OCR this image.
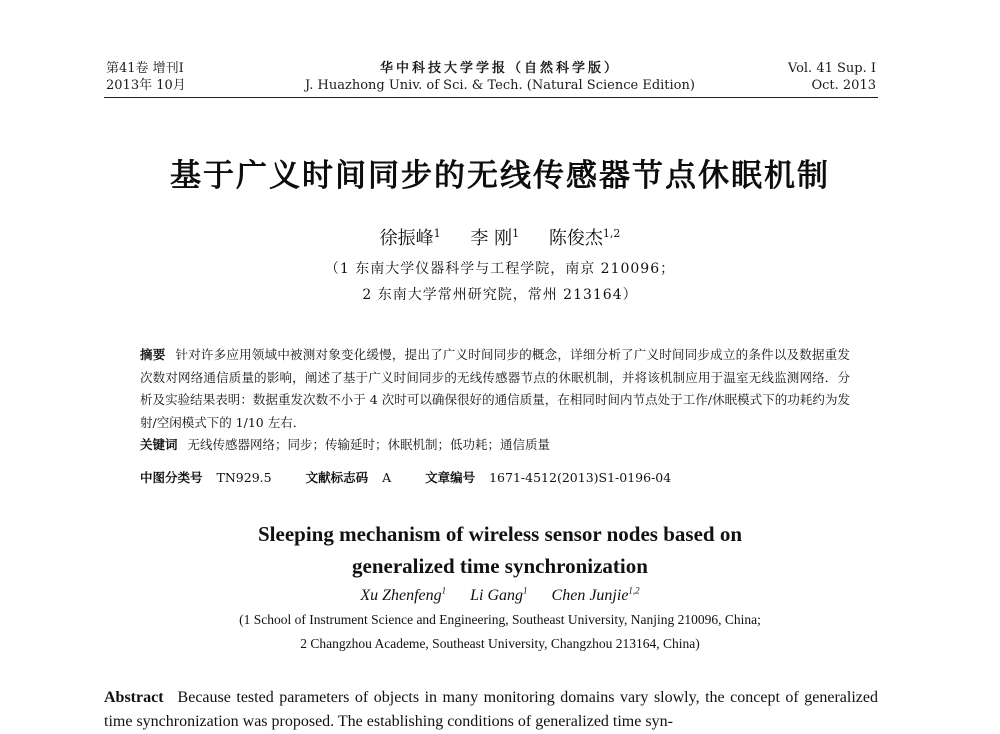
第41卷 增刊Ⅰ
2013年 10月
华中科技大学学报（自然科学版）
J. Huazhong Univ. of Sci. & Tech. (Natural Science Edition)
Vol. 41 Sup. Ⅰ
Oct. 2013
基于广义时间同步的无线传感器节点休眠机制
徐振峰$^1$ 李 刚$^1$ 陈俊杰$^{1,2}$
（1 东南大学仪器科学与工程学院，南京 210096；
2 东南大学常州研究院，常州 213164）

摘要 针对许多应用领域中被测对象变化缓慢，提出了广义时间同步的概念，详细分析了广义时间同步成立的条件以及数据重发次数对网络通信质量的影响，阐述了基于广义时间同步的无线传感器节点的休眠机制，并将该机制应用于温室无线监测网络．分析及实验结果表明：数据重发次数不小于 4 次时可以确保很好的通信质量，在相同时间内节点处于工作/休眠模式下的功耗约为发射/空闲模式下的 1/10 左右．

关键词 无线传感器网络；同步；传输延时；休眠机制；低功耗；通信质量

中图分类号 TN929.5	文献标志码 A	文章编号 1671-4512(2013)S1-0196-04
Sleeping mechanism of wireless sensor nodes based on
generalized time synchronization
Xu Zhenfeng$^1$ Li Gang$^1$ Chen Junjie$^{1,2}$
(1 School of Instrument Science and Engineering, Southeast University, Nanjing 210096, China;
2 Changzhou Academe, Southeast University, Changzhou 213164, China)
Abstract Because tested parameters of objects in many monitoring domains vary slowly, the concept of generalized time synchronization was proposed. The establishing conditions of generalized time syn-
